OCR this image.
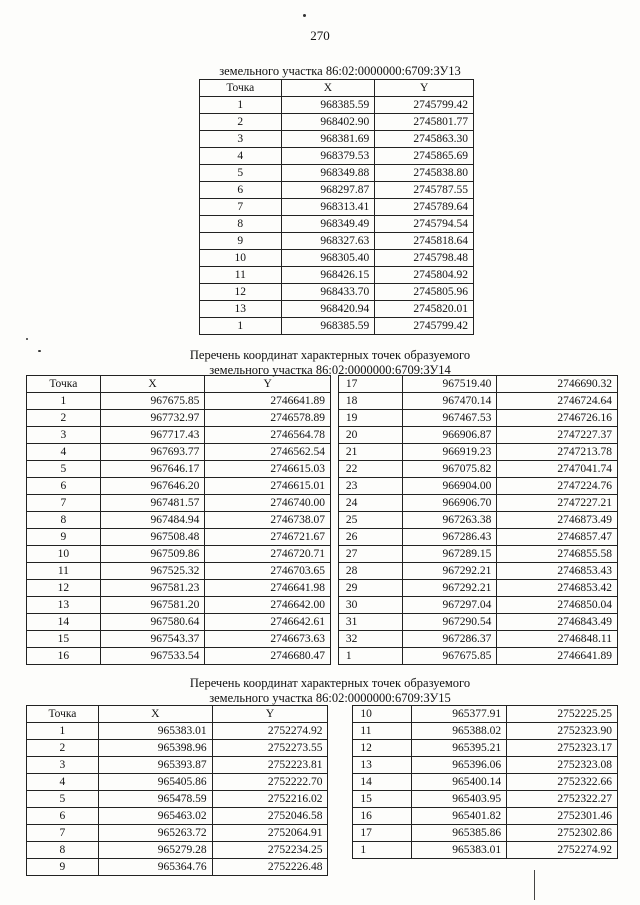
270
земельного участка 86:02:0000000:6709:ЗУ13
Точка	X	Y
1	968385.59	2745799.42
2	968402.90	2745801.77
3	968381.69	2745863.30
4	968379.53	2745865.69
5	968349.88	2745838.80
6	968297.87	2745787.55
7	968313.41	2745789.64
8	968349.49	2745794.54
9	968327.63	2745818.64
10	968305.40	2745798.48
11	968426.15	2745804.92
12	968433.70	2745805.96
13	968420.94	2745820.01
1	968385.59	2745799.42
Перечень координат характерных точек образуемого
земельного участка 86:02:0000000:6709:ЗУ14
Точка	X	Y		17	967519.40	2746690.32
1	967675.85	2746641.89		18	967470.14	2746724.64
2	967732.97	2746578.89		19	967467.53	2746726.16
3	967717.43	2746564.78		20	966906.87	2747227.37
4	967693.77	2746562.54		21	966919.23	2747213.78
5	967646.17	2746615.03		22	967075.82	2747041.74
6	967646.20	2746615.01		23	966904.00	2747224.76
7	967481.57	2746740.00		24	966906.70	2747227.21
8	967484.94	2746738.07		25	967263.38	2746873.49
9	967508.48	2746721.67		26	967286.43	2746857.47
10	967509.86	2746720.71		27	967289.15	2746855.58
11	967525.32	2746703.65		28	967292.21	2746853.43
12	967581.23	2746641.98		29	967292.21	2746853.42
13	967581.20	2746642.00		30	967297.04	2746850.04
14	967580.64	2746642.61		31	967290.54	2746843.49
15	967543.37	2746673.63		32	967286.37	2746848.11
16	967533.54	2746680.47		1	967675.85	2746641.89
Перечень координат характерных точек образуемого
земельного участка 86:02:0000000:6709:ЗУ15
Точка	X	Y		10	965377.91	2752225.25
1	965383.01	2752274.92		11	965388.02	2752323.90
2	965398.96	2752273.55		12	965395.21	2752323.17
3	965393.87	2752223.81		13	965396.06	2752323.08
4	965405.86	2752222.70		14	965400.14	2752322.66
5	965478.59	2752216.02		15	965403.95	2752322.27
6	965463.02	2752046.58		16	965401.82	2752301.46
7	965263.72	2752064.91		17	965385.86	2752302.86
8	965279.28	2752234.25		1	965383.01	2752274.92
9	965364.76	2752226.48				
